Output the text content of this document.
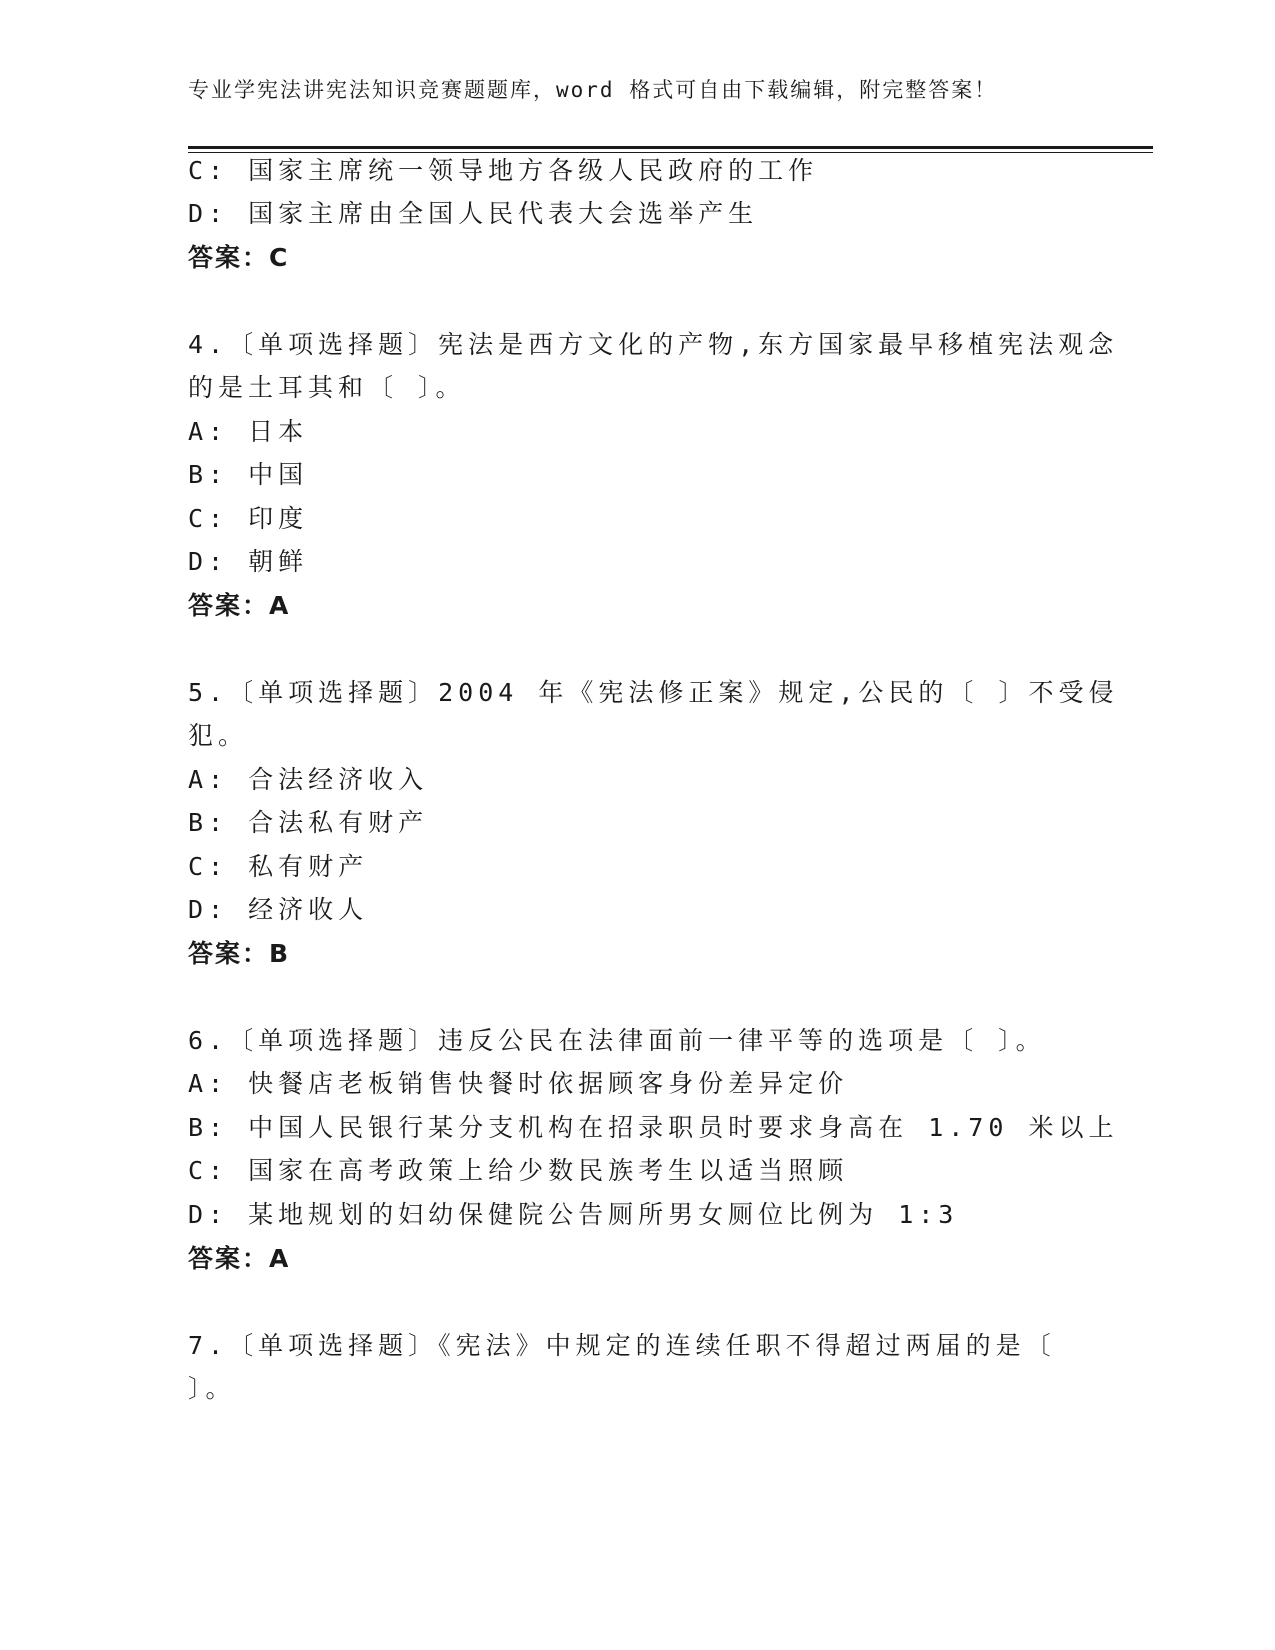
专业学宪法讲宪法知识竞赛题题库，word 格式可自由下载编辑，附完整答案！
C: 国家主席统一领导地方各级人民政府的工作
D: 国家主席由全国人民代表大会选举产生
答案：C
4.〔单项选择题〕宪法是西方文化的产物,东方国家最早移植宪法观念
的是土耳其和〔 〕。
A: 日本
B: 中国
C: 印度
D: 朝鲜
答案：A
5.〔单项选择题〕2004 年《宪法修正案》规定,公民的〔 〕不受侵
犯。
A: 合法经济收入
B: 合法私有财产
C: 私有财产
D: 经济收人
答案：B
6.〔单项选择题〕违反公民在法律面前一律平等的选项是〔 〕。
A: 快餐店老板销售快餐时依据顾客身份差异定价
B: 中国人民银行某分支机构在招录职员时要求身高在 1.70 米以上
C: 国家在高考政策上给少数民族考生以适当照顾
D: 某地规划的妇幼保健院公告厕所男女厕位比例为 1:3
答案：A
7.〔单项选择题〕《宪法》中规定的连续任职不得超过两届的是〔
〕。
